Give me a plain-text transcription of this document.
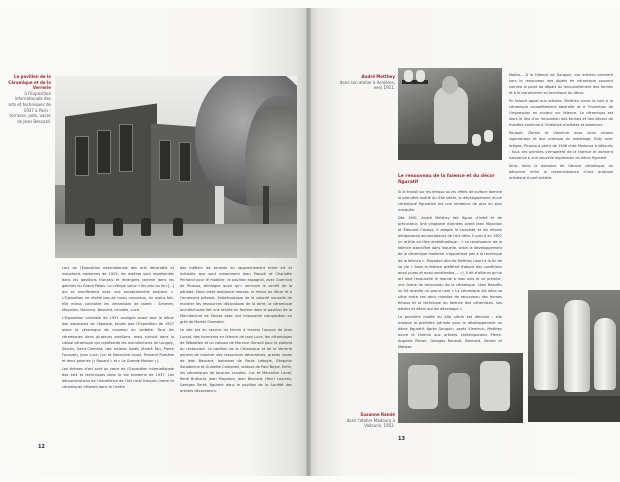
Le pavillon de la Céramique et de la Verrerie
à l'Exposition internationale des arts et techniques de 1937 à Paris : terrasse, pots, vases de Jean Besnard.

Lors de l'Exposition internationale des arts décoratifs et industriels modernes de 1925, les maîtres sont représentés dans les pavillons français et étrangers comme dans les galeries du Grand Palais. La critique salue « les arts du feu [...] qui se manifestent avec une exceptionnelle ampleur ». L'Exposition ne révèle pas de noms nouveaux, du moins fait-elle mieux connaître les céramistes de talent : Simmen, Mayodon, Decoeur, Besnard, Lenoble, Luce.

L'Exposition coloniale de 1931 souligne avant tout le décor des exposants de l'époque, tandis que l'Exposition de 1937 place la céramique de nouveau en vedette. Tous les céramiques dans plusieurs pavillons, mais surtout dans la classe céramique qui représente les manufactures de Longwy, Sèvres, Saint-Clément, des artistes isolés (André Fau, Pierre Fouquet), Jean Luce, Luc et Marcoline Lanel, Fernand Rumèbe et deux galeries (« Rouard » et « La Grande Maison »).

Les thèmes d'art sont au cœur de l'Exposition internationale des arts et techniques dans la vie moderne de 1937. Les démonstrations de l'excellence de l'art rural français (verre et céramique) côtoient dans le Centre

des métiers les tenants du rapprochement entre art et industrie que sont notamment Jean Prouvé et Charlotte Perriand pour le mobilier, le pavillon espagnol, avec Guernica de Picasso, témoigne aussi qu'« annonce le conflit de la période. Dans cette ambiance morose, le retour au décor et à l'ornement prévaut. Emblématique de la volonté nouvelle de montrer les ressources décoratives de la terre, la céramique architecturale fait une entrée en fanfare dans le pavillon de la Manufacture de Sèvres avec une imposante composition en grès de Marcel Gromaire.

Le site est au service du terroir à travers l'œuvre de Jean Lurçat, des tourneurs en faïence de Jean Luce, les céramiques de Sébastien et un caisson de Maurice Gensoli pour le plafond du restaurant. Le pavillon de la Céramique et de la Verrerie permet de montrer des ressources décoratives, grands vases de Jean Besnard, fontaines de Paule Lebayle, Séraphin Soudbinine et Guidette Carbonell, statues de Paul Beyer. Enfin, les céramiques de Jacques Lenoble, Luc et Marcoline Lanel, René Buthaud, Jean Mayodon, Jean Besnard, Henri Laurens, Georges Serré, figurent dans le pavillon de la Société des artistes décorateurs.

12
André Metthey
dans son atelier à Asnières, vers 1911.
Le renouveau de la faïence et du décor figuratif

Si le travail sur les émaux ou les effets de surface domine la première moitié du XXe siècle, le développement d'une céramique figurative est une tendance de plus en plus marquée.

Dès 1901, André Metthey fait figure d'initié et de précurseur. Une vingtaine d'années avant Jean Mayodon et Édouard Cazaux, il adopte la couverte et les décors antiquisants annonciateurs de l'Art déco. Il puis à en 1907 un article au titre emblématique : « La renaissance de la faïence stannifère dans laquelle, selon le développement de la céramique moderne n'appartient pas à la technique de la faïence ». Mayodon dira de Metthey (mort à la fin de sa vie « Sans la faïence préférait d'abord des conditions aussi pures et aussi excellentes ... »). Il dit d'ailleurs qu'un art neuf renouvelle le monde à mon avis et ce premier, une forme de renouveau de la céramique. Léon Beaufils lui fut ensuite un grand nom « La céramique Art déco se situe entre ces deux mondes de renouveau des formes émaux et la technique du faïence des céramistes, ses potiers et décor qui les développe ».

La première moitié du XXe siècle est décisive : elle marque la première période pour le développement du décor figuratif. Après Gauguin, après Vlaminck, Metthey ouvre le chemin aux artistes contemporains Pierre-Auguste Renoir, Georges Rouault, Bonnard, Derain et Matisse.

Maillol... À la Faïence de Gauguin, ces artistes viennent vers le renouveau des objets en céramique souvent comme le point de départ du renouvellement des formes et à le transformer en technique du décor.

En faisant appel aux artistes, Metthey ouvre la voie à la céramique complètement abstraite et à l'invention de l'impression en couleur sur faïence. La céramique est alors le lieu d'un renouveau des formes et des décors de manière continue à l'initiative d'artistes et amateurs.

Rouault, Derain et Vlaminck avec leurs visions vigoureuses et leur pratique du modelage, Dufy avec Artigas, Picasso à partir de 1946 chez Madoura à Vallauris : tous ces peintres s'emparent de la faïence et donnent naissance à une nouvelle expression du décor figuratif.

Ainsi, dans le domaine de l'œuvre céramique, on découvre enfin la reconnaissance d'une pratique artistique à part entière.

Suzanne Ramié
dans l'atelier Madoura à Vallauris, 1952.
13
